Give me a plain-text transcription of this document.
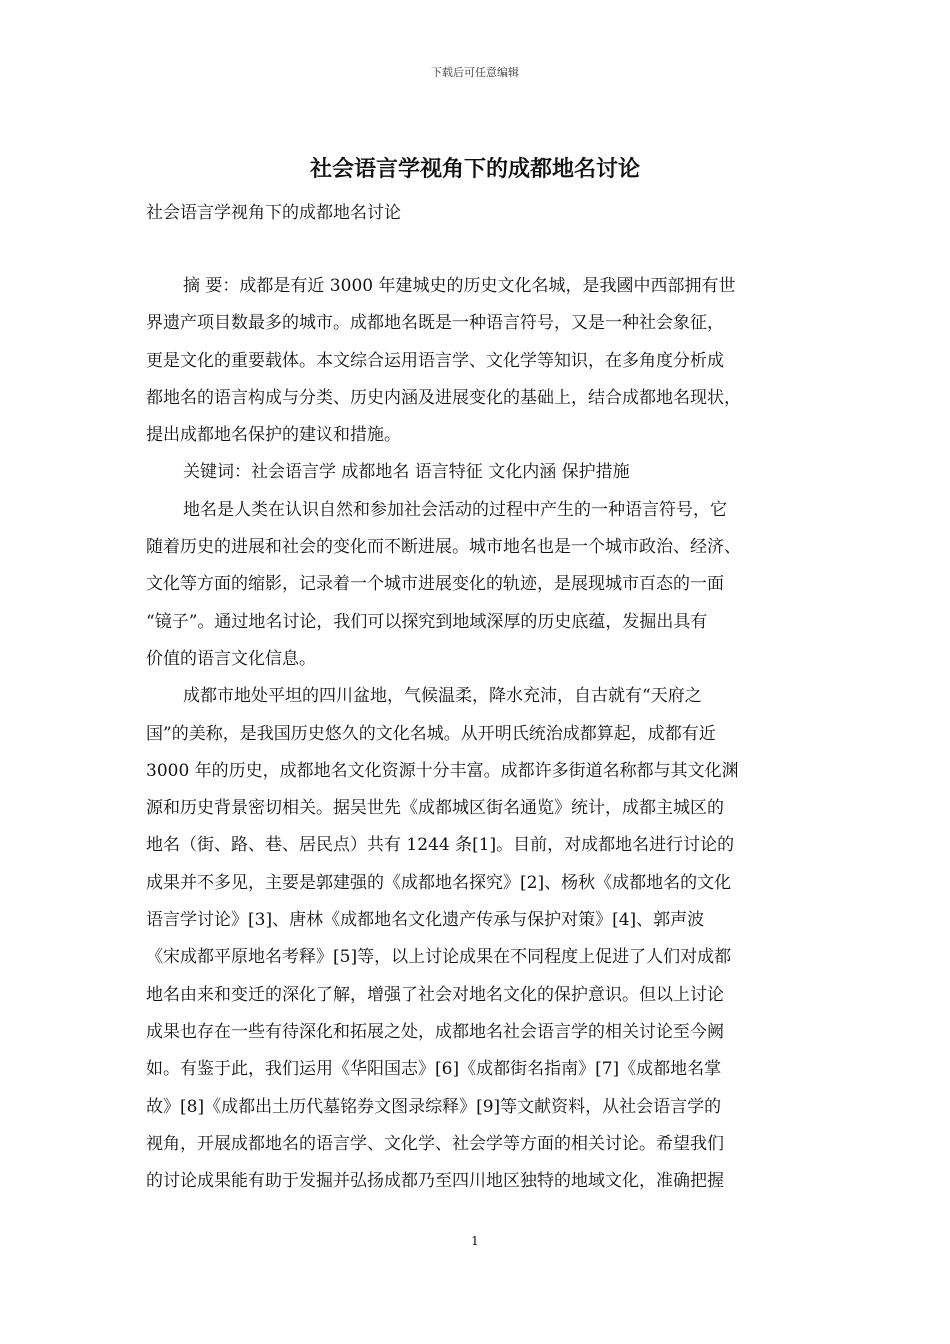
下载后可任意编辑
社会语言学视角下的成都地名讨论
社会语言学视角下的成都地名讨论
摘 要：成都是有近 3000 年建城史的历史文化名城，是我國中西部拥有世
界遗产项目数最多的城市。成都地名既是一种语言符号，又是一种社会象征，
更是文化的重要载体。本文综合运用语言学、文化学等知识，在多角度分析成
都地名的语言构成与分类、历史内涵及进展变化的基础上，结合成都地名现状，
提出成都地名保护的建议和措施。
关键词：社会语言学 成都地名 语言特征 文化内涵 保护措施
地名是人类在认识自然和参加社会活动的过程中产生的一种语言符号，它
随着历史的进展和社会的变化而不断进展。城市地名也是一个城市政治、经济、
文化等方面的缩影，记录着一个城市进展变化的轨迹，是展现城市百态的一面
“镜子”。通过地名讨论，我们可以探究到地域深厚的历史底蕴，发掘出具有
价值的语言文化信息。
成都市地处平坦的四川盆地，气候温柔，降水充沛，自古就有“天府之
国”的美称，是我国历史悠久的文化名城。从开明氏统治成都算起，成都有近
3000 年的历史，成都地名文化资源十分丰富。成都许多街道名称都与其文化渊
源和历史背景密切相关。据吴世先《成都城区街名通览》统计，成都主城区的
地名（街、路、巷、居民点）共有 1244 条[1]。目前，对成都地名进行讨论的
成果并不多见，主要是郭建强的《成都地名探究》[2]、杨秋《成都地名的文化
语言学讨论》[3]、唐林《成都地名文化遗产传承与保护对策》[4]、郭声波
《宋成都平原地名考释》[5]等，以上讨论成果在不同程度上促进了人们对成都
地名由来和变迁的深化了解，增强了社会对地名文化的保护意识。但以上讨论
成果也存在一些有待深化和拓展之处，成都地名社会语言学的相关讨论至今阙
如。有鉴于此，我们运用《华阳国志》[6]《成都街名指南》[7]《成都地名掌
故》[8]《成都出土历代墓铭券文图录综释》[9]等文献资料，从社会语言学的
视角，开展成都地名的语言学、文化学、社会学等方面的相关讨论。希望我们
的讨论成果能有助于发掘并弘扬成都乃至四川地区独特的地域文化，准确把握
1
